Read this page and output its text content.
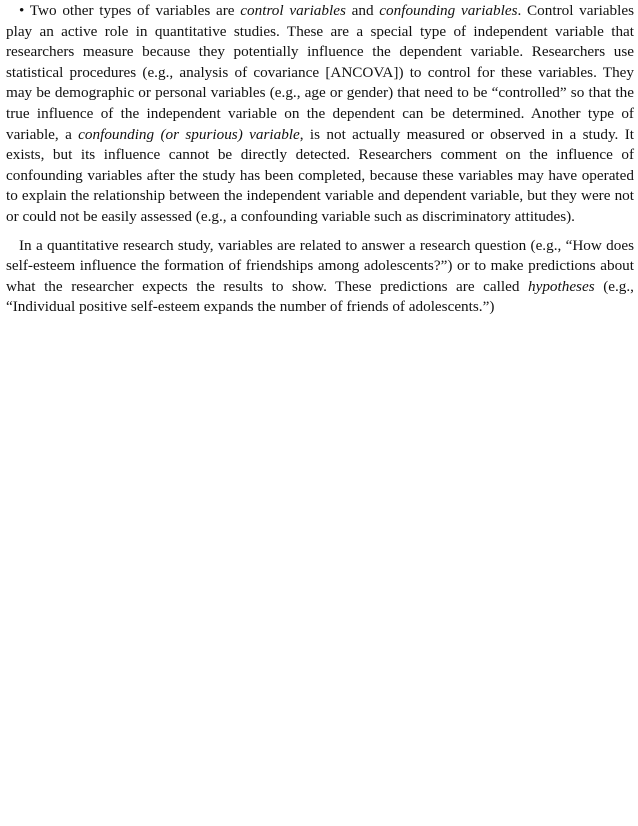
• Two other types of variables are control variables and confounding variables. Control variables play an active role in quantitative studies. These are a special type of independent variable that researchers measure because they potentially influence the dependent variable. Researchers use statistical procedures (e.g., analysis of covariance [ANCOVA]) to control for these variables. They may be demographic or personal variables (e.g., age or gender) that need to be “controlled” so that the true influence of the independent variable on the dependent can be determined. Another type of variable, a confounding (or spurious) variable, is not actually measured or observed in a study. It exists, but its influence cannot be directly detected. Researchers comment on the influence of confounding variables after the study has been completed, because these variables may have operated to explain the relationship between the independent variable and dependent variable, but they were not or could not be easily assessed (e.g., a confounding variable such as discriminatory attitudes).

In a quantitative research study, variables are related to answer a research question (e.g., “How does self-esteem influence the formation of friendships among adolescents?”) or to make predictions about what the researcher expects the results to show. These predictions are called hypotheses (e.g., “Individual positive self-esteem expands the number of friends of adolescents.”)
